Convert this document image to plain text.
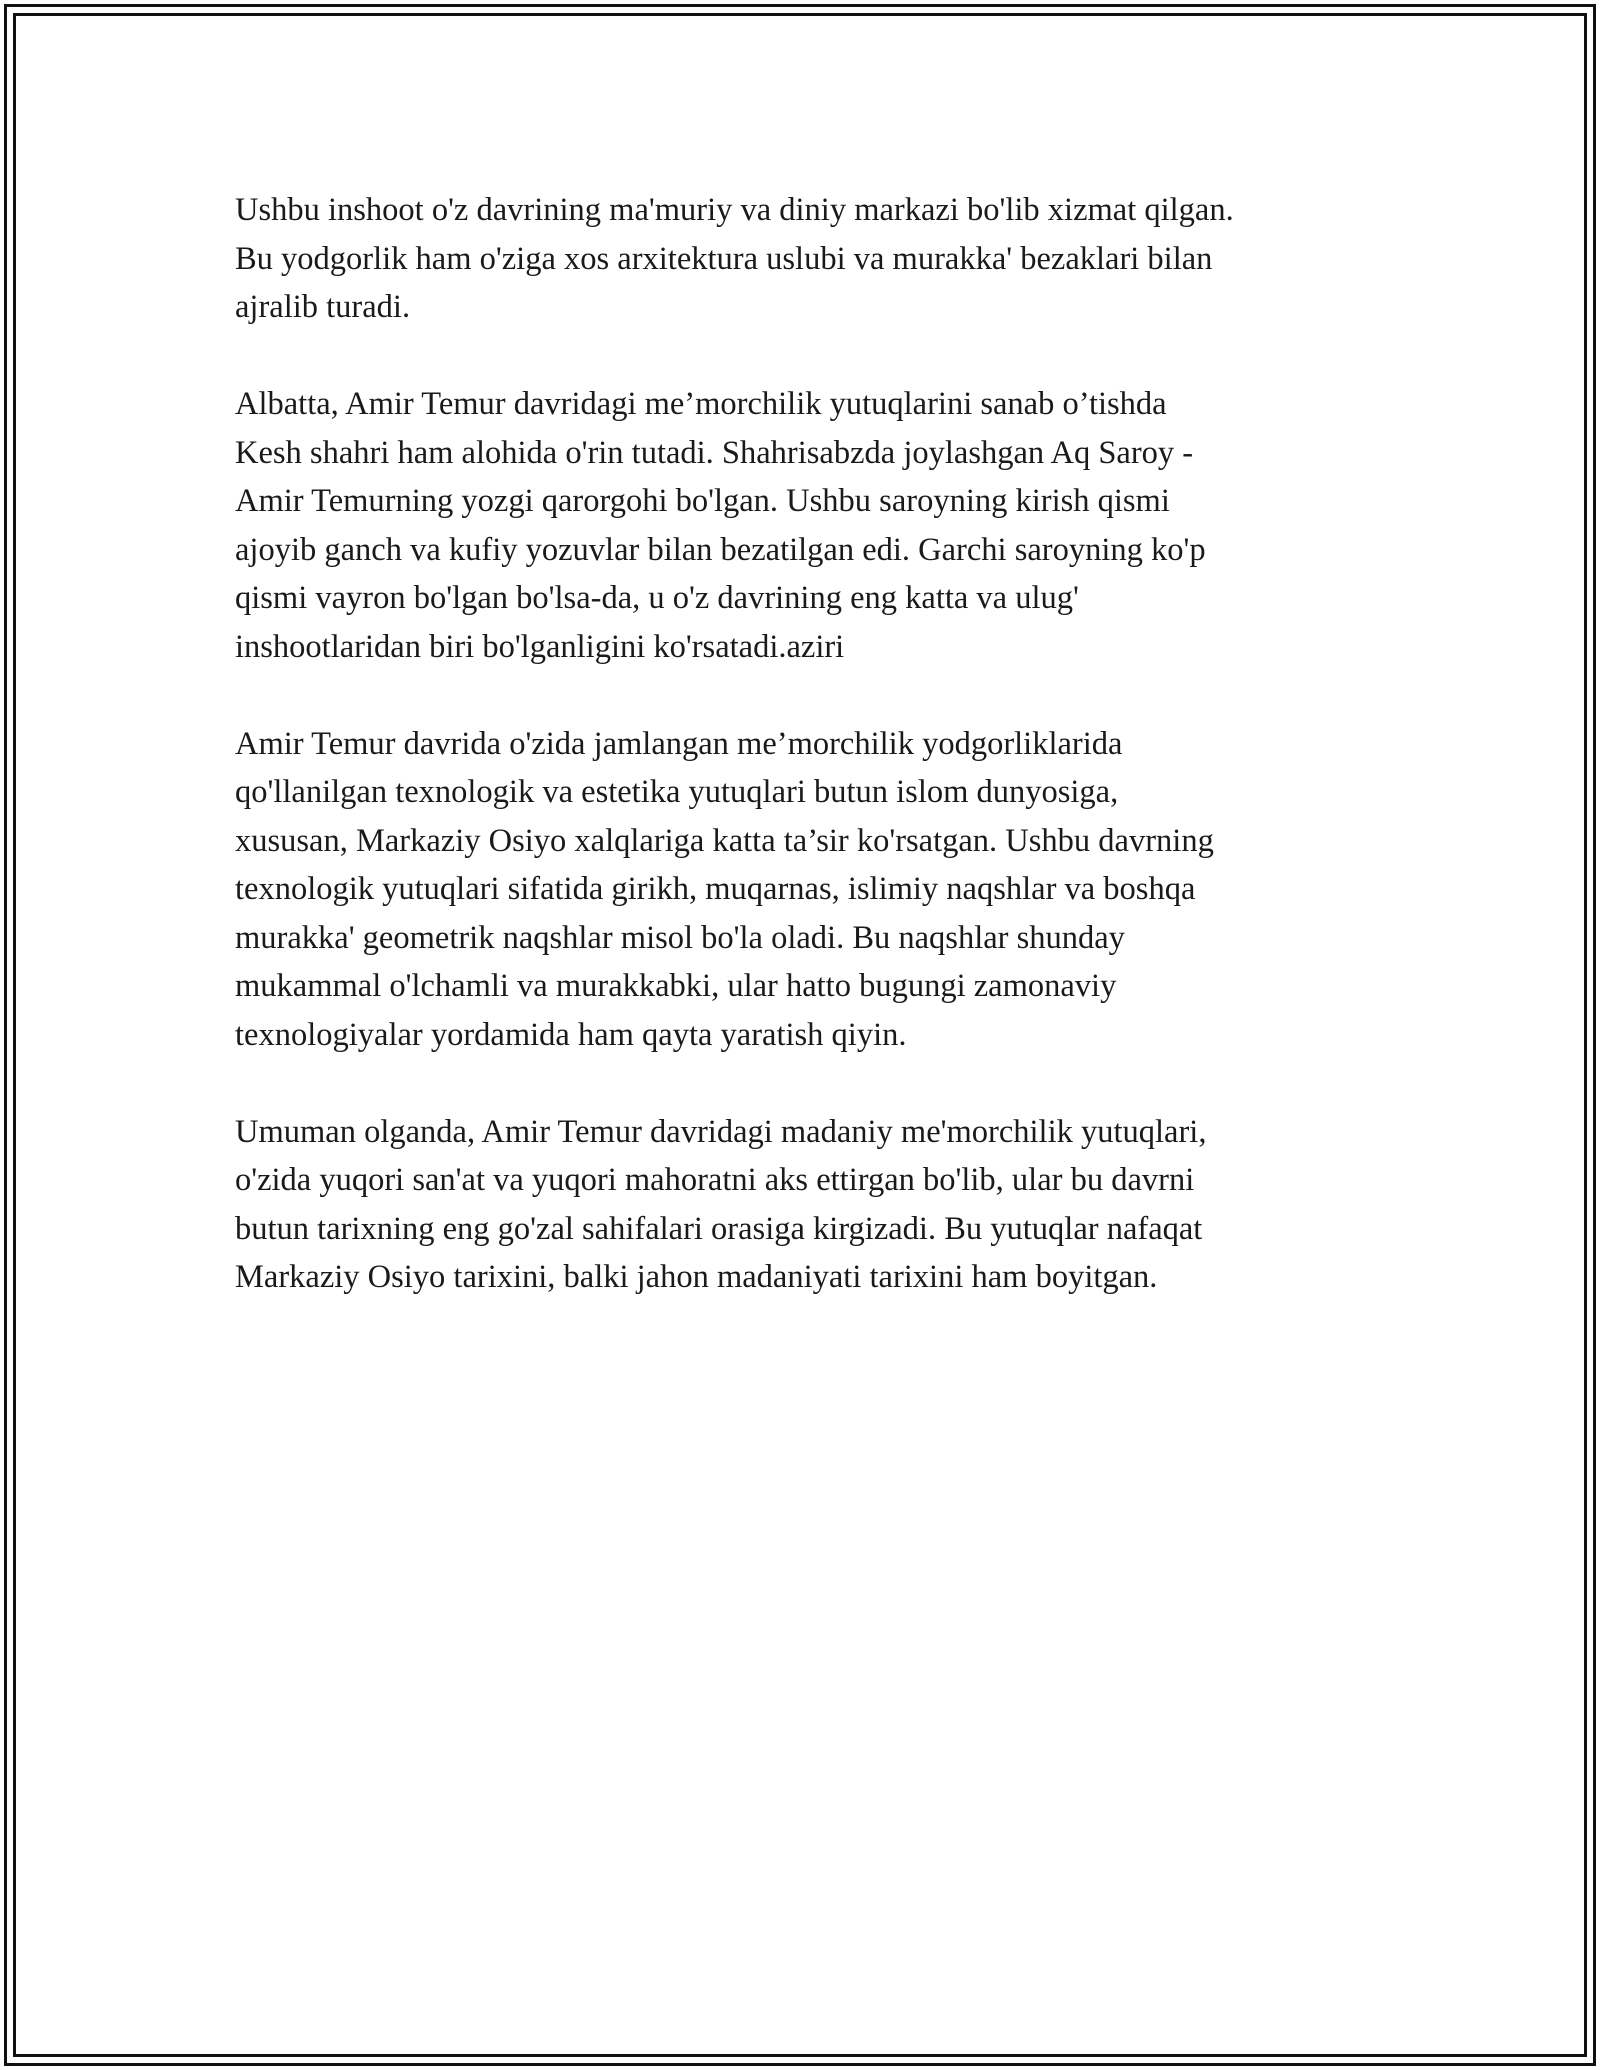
Ushbu inshoot o'z davrining ma'muriy va diniy markazi bo'lib xizmat qilgan.
Bu yodgorlik ham o'ziga xos arxitektura uslubi va murakka' bezaklari bilan
ajralib turadi.

Albatta, Amir Temur davridagi me’morchilik yutuqlarini sanab o’tishda
Kesh shahri ham alohida o'rin tutadi. Shahrisabzda joylashgan Aq Saroy -
Amir Temurning yozgi qarorgohi bo'lgan. Ushbu saroyning kirish qismi
ajoyib ganch va kufiy yozuvlar bilan bezatilgan edi. Garchi saroyning ko'p
qismi vayron bo'lgan bo'lsa-da, u o'z davrining eng katta va ulug'
inshootlaridan biri bo'lganligini ko'rsatadi.aziri

Amir Temur davrida o'zida jamlangan me’morchilik yodgorliklarida
qo'llanilgan texnologik va estetika yutuqlari butun islom dunyosiga,
xususan, Markaziy Osiyo xalqlariga katta ta’sir ko'rsatgan. Ushbu davrning
texnologik yutuqlari sifatida girikh, muqarnas, islimiy naqshlar va boshqa
murakka' geometrik naqshlar misol bo'la oladi. Bu naqshlar shunday
mukammal o'lchamli va murakkabki, ular hatto bugungi zamonaviy
texnologiyalar yordamida ham qayta yaratish qiyin.

Umuman olganda, Amir Temur davridagi madaniy me'morchilik yutuqlari,
o'zida yuqori san'at va yuqori mahoratni aks ettirgan bo'lib, ular bu davrni
butun tarixning eng go'zal sahifalari orasiga kirgizadi. Bu yutuqlar nafaqat
Markaziy Osiyo tarixini, balki jahon madaniyati tarixini ham boyitgan.
